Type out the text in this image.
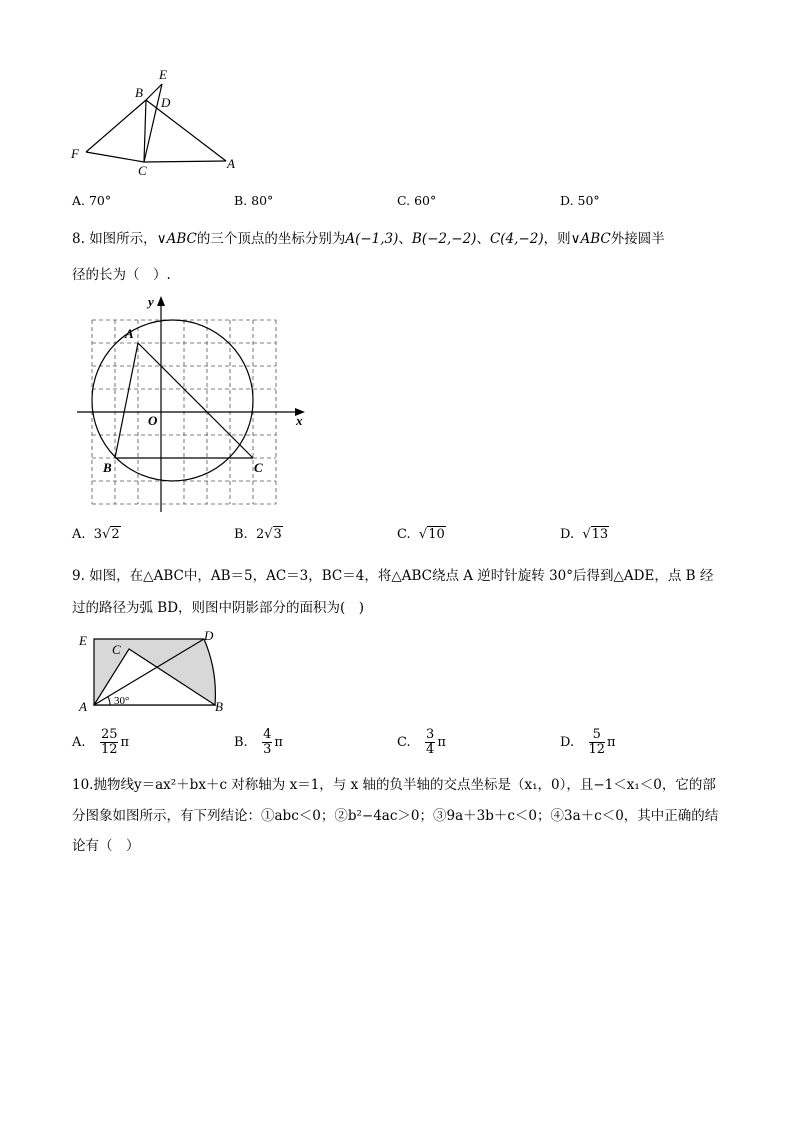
E
B
D
F
C	A
A. 70°	B. 80°	C. 60°	D. 50°
8. 如图所示，∨ABC的三个顶点的坐标分别为A(−1,3)、B(−2,−2)、C(4,−2)，则∨ABC外接圆半
径的长为（　）.
y
x
O
A
B	C
A. 3√2	B. 2√3	C.  √10	D.  √13
9. 如图，在△ABC中，AB＝5，AC＝3，BC＝4，将△ABC绕点 A 逆时针旋转 30°后得到△ADE，点 B 经
过的路径为弧 BD，则图中阴影部分的面积为(　)
E	D
C
A	B
30°
A. $\frac{25}{12}$ π	B. $\frac{4}{3}$ π	C. $\frac{3}{4}$ π	D. $\frac{5}{12}$ π
10.抛物线y＝ax²＋bx＋c 对称轴为 x＝1，与 x 轴的负半轴的交点坐标是（x₁，0），且−1＜x₁＜0，它的部
分图象如图所示，有下列结论：①abc＜0；②b²−4ac＞0；③9a＋3b＋c＜0；④3a＋c＜0，其中正确的结
论有（　）
